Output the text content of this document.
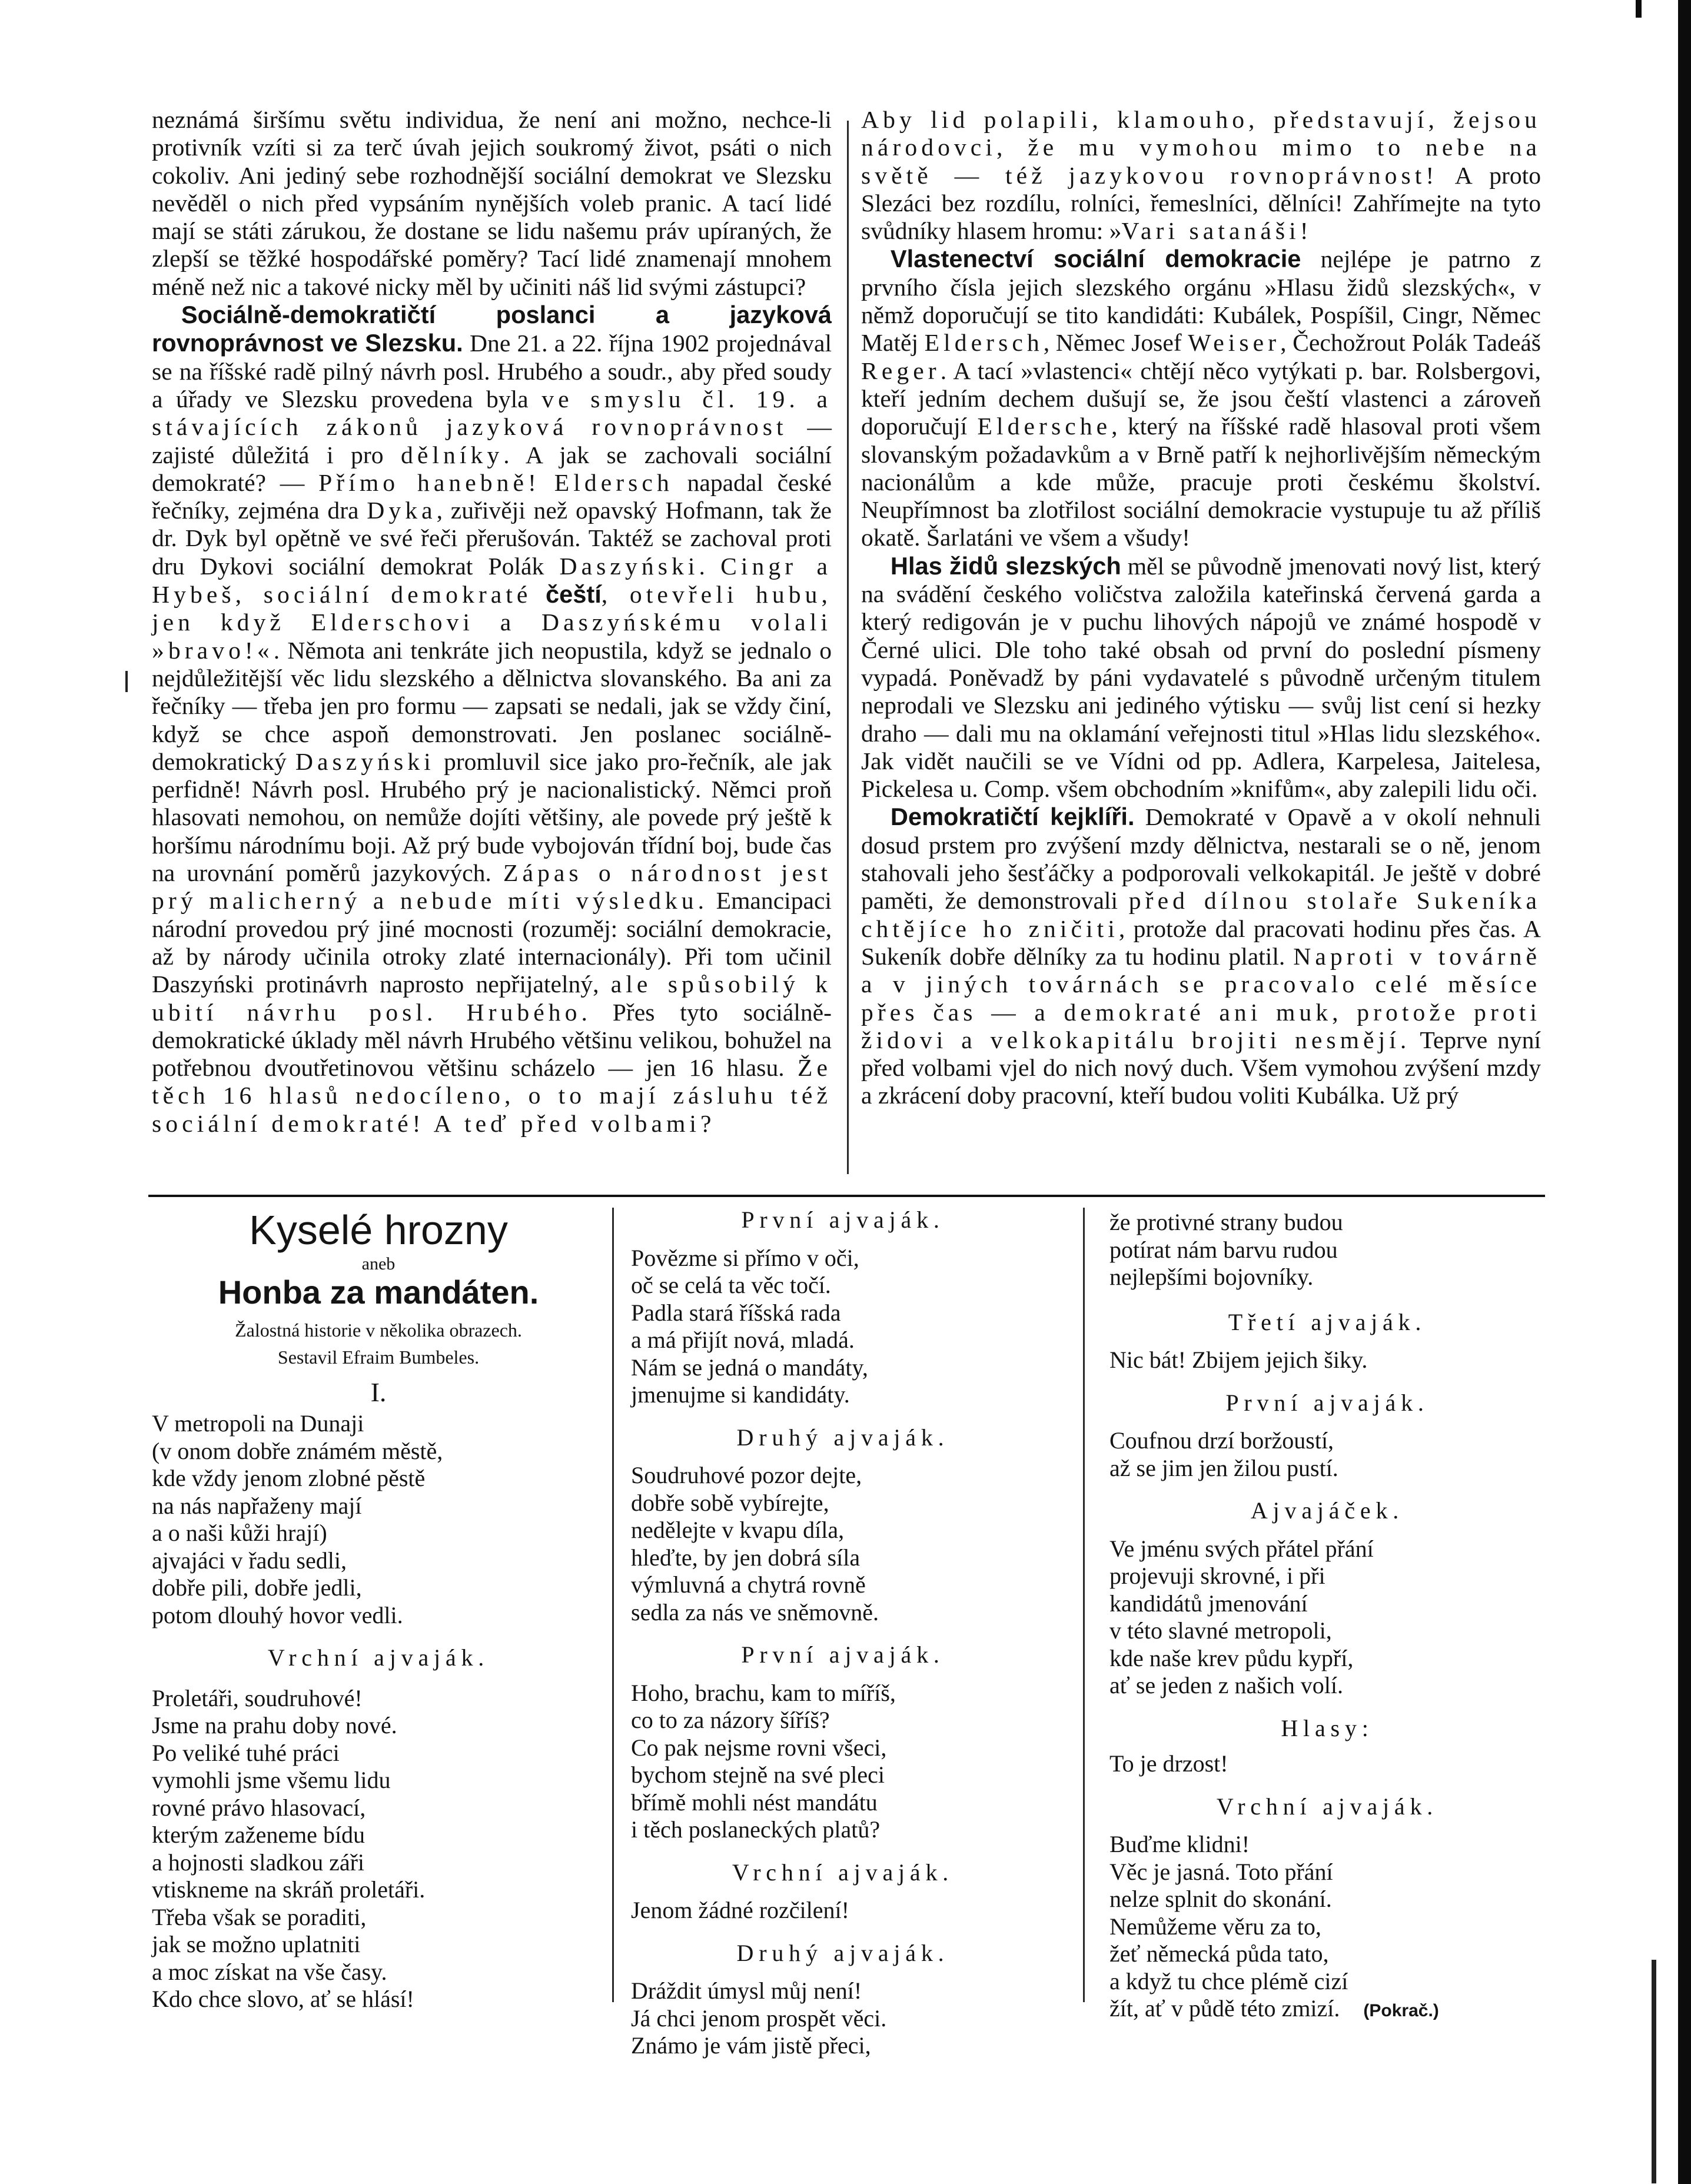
neznámá širšímu světu individua, že není ani možno, nechce-li protivník vzíti si za terč úvah jejich soukromý život, psáti o nich cokoliv. Ani jediný sebe rozhodnější sociální demokrat ve Slezsku nevěděl o nich před vypsáním nynějších voleb pranic. A tací lidé mají se státi zárukou, že dostane se lidu našemu práv upíraných, že zlepší se těžké hospodářské poměry? Tací lidé znamenají mnohem méně než nic a takové nicky měl by učiniti náš lid svými zástupci?

Sociálně-demokratičtí poslanci a jazyková rovnoprávnost ve Slezsku. Dne 21. a 22. října 1902 projednával se na říšské radě pilný návrh posl. Hrubého a soudr., aby před soudy a úřady ve Slezsku provedena byla ve smyslu čl. 19. a stávajících zákonů jazyková rovnoprávnost — zajisté důležitá i pro dělníky. A jak se zachovali sociální demokraté? — Přímo hanebně! Eldersch napadal české řečníky, zejména dra Dyka, zuřivěji než opavský Hofmann, tak že dr. Dyk byl opětně ve své řeči přerušován. Taktéž se zachoval proti dru Dykovi sociální demokrat Polák Daszyński. Cingr a Hybeš, sociální demokraté čeští, otevřeli hubu, jen když Elderschovi a Daszyńskému volali »bravo!«. Němota ani tenkráte jich neopustila, když se jednalo o nejdůležitější věc lidu slezského a dělnictva slovanského. Ba ani za řečníky — třeba jen pro formu — zapsati se nedali, jak se vždy činí, když se chce aspoň demonstrovati. Jen poslanec sociálně-demokratický Daszyński promluvil sice jako pro-řečník, ale jak perfidně! Návrh posl. Hrubého prý je nacionalistický. Němci proň hlasovati nemohou, on nemůže dojíti většiny, ale povede prý ještě k horšímu národnímu boji. Až prý bude vybojován třídní boj, bude čas na urovnání poměrů jazykových. Zápas o národnost jest prý malicherný a nebude míti výsledku. Emancipaci národní provedou prý jiné mocnosti (rozuměj: sociální demokracie, až by národy učinila otroky zlaté internacionály). Při tom učinil Daszyński protinávrh naprosto nepřijatelný, ale spůsobilý k ubití návrhu posl. Hrubého. Přes tyto sociálně-demokratické úklady měl návrh Hrubého většinu velikou, bohužel na potřebnou dvoutřetinovou většinu scházelo — jen 16 hlasu. Že těch 16 hlasů nedocíleno, o to mají zásluhu též sociální demokraté! A teď před volbami?

Aby lid polapili, klamouho, představují, žejsou národovci, že mu vymohou mimo to nebe na světě — též jazykovou rovnoprávnost! A proto Slezáci bez rozdílu, rolníci, řemeslníci, dělníci! Zahřímejte na tyto svůdníky hlasem hromu: »Vari satanáši!

Vlastenectví sociální demokracie nejlépe je patrno z prvního čísla jejich slezského orgánu »Hlasu židů slezských«, v němž doporučují se tito kandidáti: Kubálek, Pospíšil, Cingr, Němec Matěj Eldersch, Němec Josef Weiser, Čechožrout Polák Tadeáš Reger. A tací »vlastenci« chtějí něco vytýkati p. bar. Rolsbergovi, kteří jedním dechem dušují se, že jsou čeští vlastenci a zároveň doporučují Eldersche, který na říšské radě hlasoval proti všem slovanským požadavkům a v Brně patří k nejhorlivějším německým nacionálům a kde může, pracuje proti českému školství. Neupřímnost ba zlotřilost sociální demokracie vystupuje tu až příliš okatě. Šarlatáni ve všem a všudy!

Hlas židů slezských měl se původně jmenovati nový list, který na svádění českého voličstva založila kateřinská červená garda a který redigován je v puchu lihových nápojů ve známé hospodě v Černé ulici. Dle toho také obsah od první do poslední písmeny vypadá. Poněvadž by páni vydavatelé s původně určeným titulem neprodali ve Slezsku ani jediného výtisku — svůj list cení si hezky draho — dali mu na oklamání veřejnosti titul »Hlas lidu slezského«. Jak vidět naučili se ve Vídni od pp. Adlera, Karpelesa, Jaitelesa, Pickelesa u. Comp. všem obchodním »knifům«, aby zalepili lidu oči.

Demokratičtí kejklíři. Demokraté v Opavě a v okolí nehnuli dosud prstem pro zvýšení mzdy dělnictva, nestarali se o ně, jenom stahovali jeho šesťáčky a podporovali velkokapitál. Je ještě v dobré paměti, že demonstrovali před dílnou stolaře Sukeníka chtějíce ho zničiti, protože dal pracovati hodinu přes čas. A Sukeník dobře dělníky za tu hodinu platil. Naproti v továrně a v jiných továrnách se pracovalo celé měsíce přes čas — a demokraté ani muk, protože proti židovi a velkokapitálu brojiti nesmějí. Teprve nyní před volbami vjel do nich nový duch. Všem vymohou zvýšení mzdy a zkrácení doby pracovní, kteří budou voliti Kubálka. Už prý

Kyselé hrozny
aneb
Honba za mandáten.
Žalostná historie v několika obrazech.
Sestavil Efraim Bumbeles.
I.
V metropoli na Dunaji
(v onom dobře známém městě,
kde vždy jenom zlobné pěstě
na nás napřaženy mají
a o naši kůži hrají)
ajvajáci v řadu sedli,
dobře pili, dobře jedli,
potom dlouhý hovor vedli.
Vrchní ajvaják.
Proletáři, soudruhové!
Jsme na prahu doby nové.
Po veliké tuhé práci
vymohli jsme všemu lidu
rovné právo hlasovací,
kterým zaženeme bídu
a hojnosti sladkou záři
vtiskneme na skráň proletáři.
Třeba však se poraditi,
jak se možno uplatniti
a moc získat na vše časy.
Kdo chce slovo, ať se hlásí!
První ajvaják.
Povězme si přímo v oči,
oč se celá ta věc točí.
Padla stará říšská rada
a má přijít nová, mladá.
Nám se jedná o mandáty,
jmenujme si kandidáty.
Druhý ajvaják.
Soudruhové pozor dejte,
dobře sobě vybírejte,
nedělejte v kvapu díla,
hleďte, by jen dobrá síla
výmluvná a chytrá rovně
sedla za nás ve sněmovně.
První ajvaják.
Hoho, brachu, kam to míříš,
co to za názory šíříš?
Co pak nejsme rovni všeci,
bychom stejně na své pleci
břímě mohli nést mandátu
i těch poslaneckých platů?
Vrchní ajvaják.
Jenom žádné rozčilení!
Druhý ajvaják.
Dráždit úmysl můj není!
Já chci jenom prospět věci.
Známo je vám jistě přeci,
že protivné strany budou
potírat nám barvu rudou
nejlepšími bojovníky.
Třetí ajvaják.
Nic bát! Zbijem jejich šiky.
První ajvaják.
Coufnou drzí boržoustí,
až se jim jen žilou pustí.
Ajvajáček.
Ve jménu svých přátel přání
projevuji skrovné, i při
kandidátů jmenování
v této slavné metropoli,
kde naše krev půdu kypří,
ať se jeden z našich volí.
Hlasy:
To je drzost!
Vrchní ajvaják.
Buďme klidni!
Věc je jasná. Toto přání
nelze splnit do skonání.
Nemůžeme věru za to,
žeť německá půda tato,
a když tu chce plémě cizí
žít, ať v půdě této zmizí. (Pokrač.)
